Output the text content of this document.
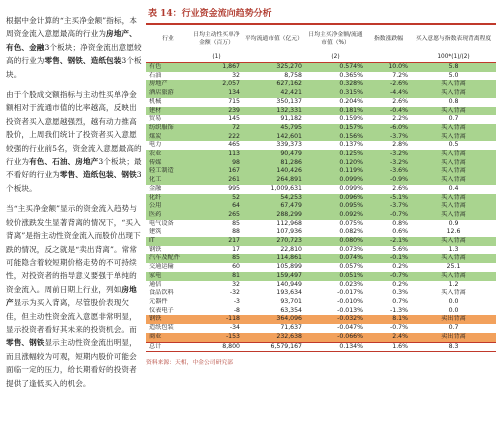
根据中金计算的“主买净金额”指标，本周资金流入意愿最高的行业为房地产、有色、金融3个板块；净资金流出意愿较高的行业为零售、钢铁、造纸包装3个板块。

由于个股成交额指标与主动性买单净金额相对于流通市值的比率越高，反映出投资者买入意愿越强烈，越有动力推高股价，上周我们统计了投资者买入意愿较强的行业前5名，资金流入意愿最高的行业为有色、石油、房地产3个板块；最不看好的行业为零售、造纸包装、钢铁3个板块。

当“主买净金额”显示的资金流入趋势与较价涨跌发生显著背离的情况下，“买入背离”是指主动性资金流入而股价出现下跌的情况，反之就是“卖出背离”。常常可能隐含着较短期价格走势的不可持续性，对投资者的指导意义要强于单纯的资金流入。周前日期上行业，列如房地产显示为买入背离，尽管股价表现欠佳，但主动性资金流入意愿非常明显，显示投资者看好其未来的投资机会。而零售、钢铁显示主动性资金流出明显，而且涨幅较为可观，短期内股价可能会面临一定的压力，给长期看好的投资者提供了逢低买入的机会。

表 14：行业资金流向趋势分析
行业	日均主动性买单净金额（百万）	平均流通市值（亿元）	日均主买净金额/流通市值（%）	指数涨跌幅	买入意愿与指数表现背离程度
	(1)		(2)		100*(1)/(2)
有色	1,867	325,270	0.574%	10.0%	5.8
石油	32	8,758	0.365%	7.2%	5.0
房地产	2,057	627,162	0.328%	-2.6%	买入背离
酒店旅游	134	42,421	0.315%	-4.4%	买入背离
机械	715	350,137	0.204%	2.6%	0.8
建材	239	132,331	0.181%	-0.4%	买入背离
贸易	145	91,182	0.159%	2.2%	0.7
纺织服饰	72	45,795	0.157%	-6.0%	买入背离
煤炭	222	142,601	0.156%	-3.7%	买入背离
电力	465	339,373	0.137%	2.8%	0.5
农业	113	90,479	0.125%	-3.2%	买入背离
传媒	98	81,286	0.120%	-3.2%	买入背离
轻工制造	167	140,426	0.119%	-3.6%	买入背离
化工	261	264,891	0.099%	-0.9%	买入背离
金融	995	1,009,631	0.099%	2.6%	0.4
化纤	52	54,253	0.096%	-5.1%	买入背离
公用	64	67,479	0.095%	-3.7%	买入背离
医药	265	288,299	0.092%	-0.7%	买入背离
电气设备	85	112,968	0.075%	0.8%	0.9
建筑	88	107,936	0.082%	0.6%	12.6
IT	217	270,723	0.080%	-2.1%	买入背离
钢铁	17	22,810	0.073%	5.6%	1.3
汽车及配件	85	114,861	0.074%	-0.1%	买入背离
交通运输	60	105,899	0.057%	0.2%	25.1
家电	81	159,497	0.051%	-0.7%	买入背离
通信	32	140,949	0.023%	0.2%	1.2
食品饮料	-32	193,634	-0.017%	0.3%	买入背离
元器件	-3	93,701	-0.010%	0.7%	0.0
仪表电子	-8	63,354	-0.013%	-1.3%	0.0
钢铁	-118	364,096	-0.032%	8.1%	卖出背离
造纸包装	-34	71,637	-0.047%	-0.7%	0.7
商业	-153	232,638	-0.066%	2.4%	卖出背离
总计	8,800	6,579,167	0.134%	1.6%	8.3
资料来源：天相，中金公司研究部
